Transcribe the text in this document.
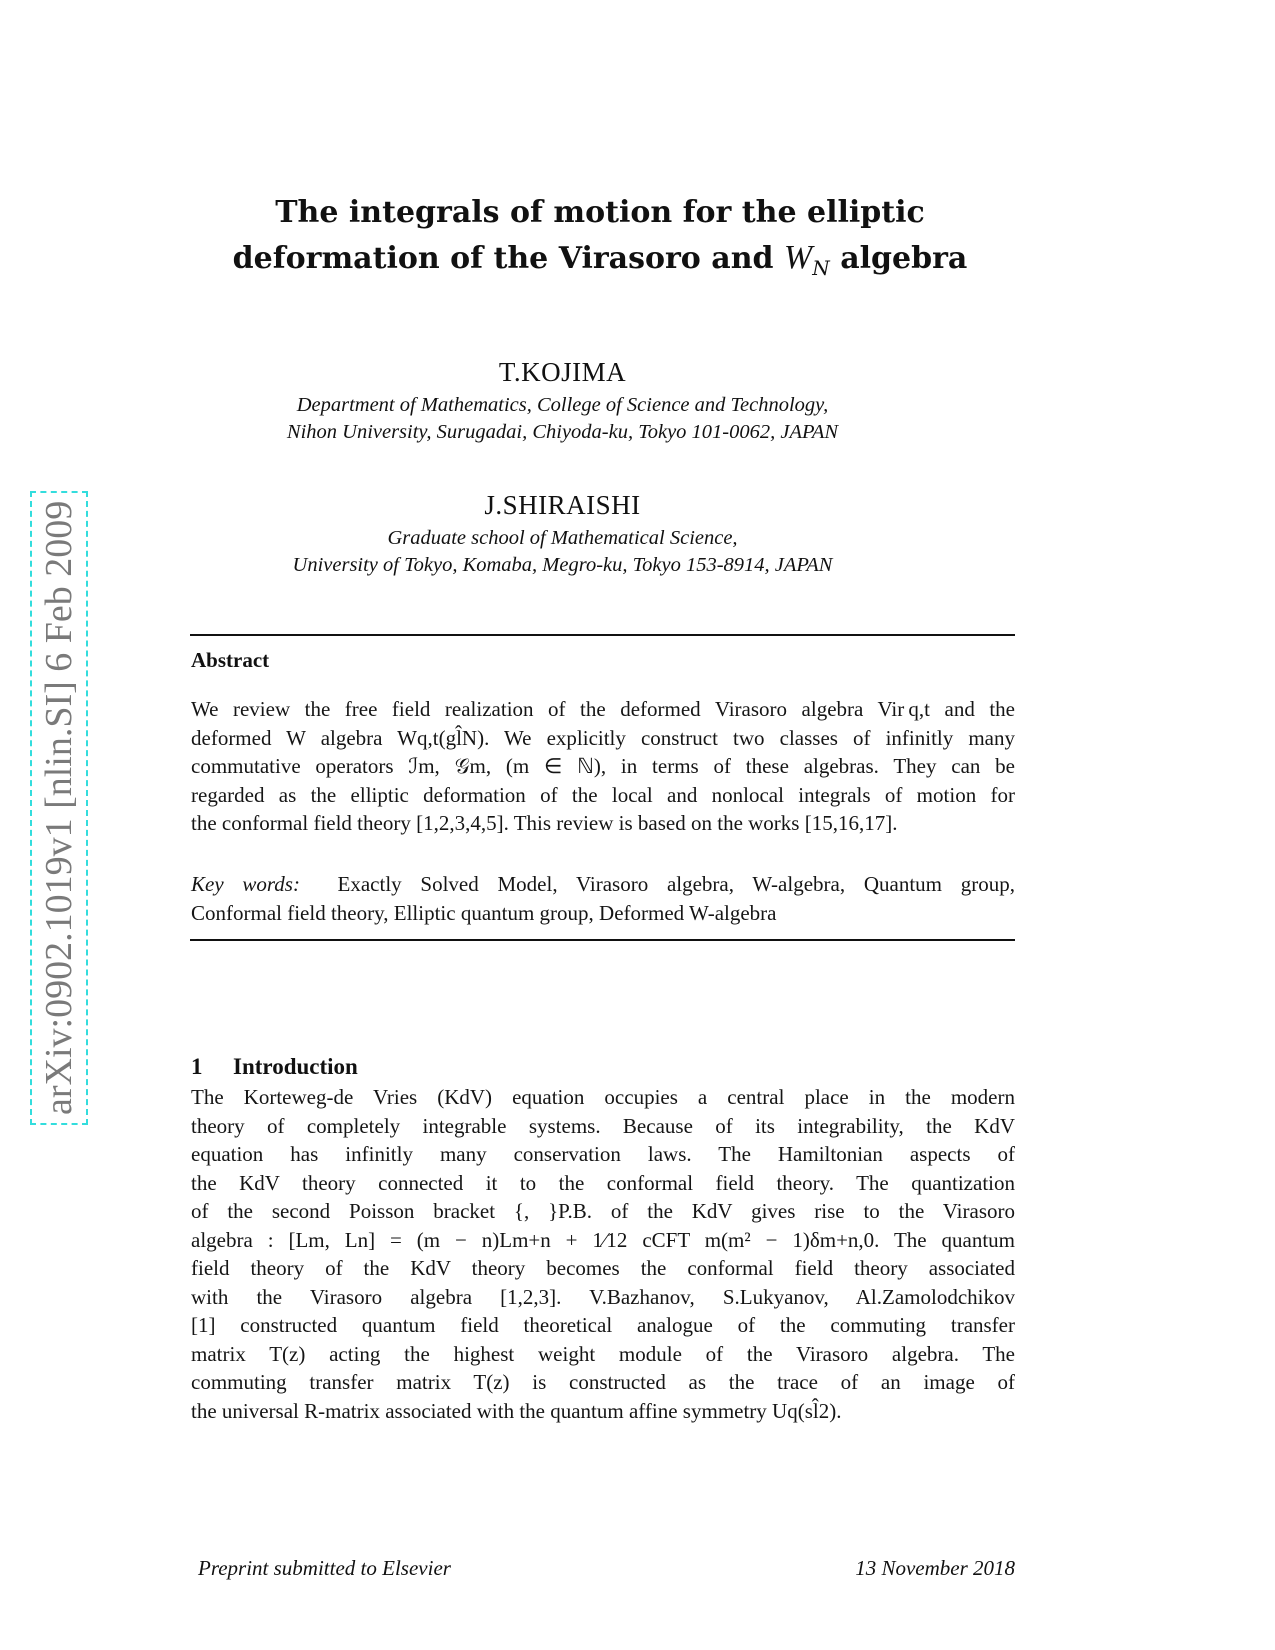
arXiv:0902.1019v1 [nlin.SI] 6 Feb 2009
The integrals of motion for the elliptic
deformation of the Virasoro and $W_N$ algebra
T.KOJIMA
Department of Mathematics, College of Science and Technology,
Nihon University, Surugadai, Chiyoda-ku, Tokyo 101-0062, JAPAN
J.SHIRAISHI
Graduate school of Mathematical Science,
University of Tokyo, Komaba, Megro-ku, Tokyo 153-8914, JAPAN
Abstract
We review the free field realization of the deformed Virasoro algebra Vir q,t and the
deformed W algebra Wq,t(gl̂N). We explicitly construct two classes of infinitly many
commutative operators ℐm, 𝒢m, (m ∈ ℕ), in terms of these algebras. They can be
regarded as the elliptic deformation of the local and nonlocal integrals of motion for
the conformal field theory [1,2,3,4,5]. This review is based on the works [15,16,17].
Key words: Exactly Solved Model, Virasoro algebra, W-algebra, Quantum group,
Conformal field theory, Elliptic quantum group, Deformed W-algebra
1 Introduction
The Korteweg-de Vries (KdV) equation occupies a central place in the modern
theory of completely integrable systems. Because of its integrability, the KdV
equation has infinitly many conservation laws. The Hamiltonian aspects of
the KdV theory connected it to the conformal field theory. The quantization
of the second Poisson bracket {, }P.B. of the KdV gives rise to the Virasoro
algebra : [Lm, Ln] = (m − n)Lm+n + 1⁄12 cCFT m(m² − 1)δm+n,0. The quantum
field theory of the KdV theory becomes the conformal field theory associated
with the Virasoro algebra [1,2,3]. V.Bazhanov, S.Lukyanov, Al.Zamolodchikov
[1] constructed quantum field theoretical analogue of the commuting transfer
matrix T(z) acting the highest weight module of the Virasoro algebra. The
commuting transfer matrix T(z) is constructed as the trace of an image of
the universal R-matrix associated with the quantum affine symmetry Uq(sl̂2).
Preprint submitted to Elsevier	13 November 2018
